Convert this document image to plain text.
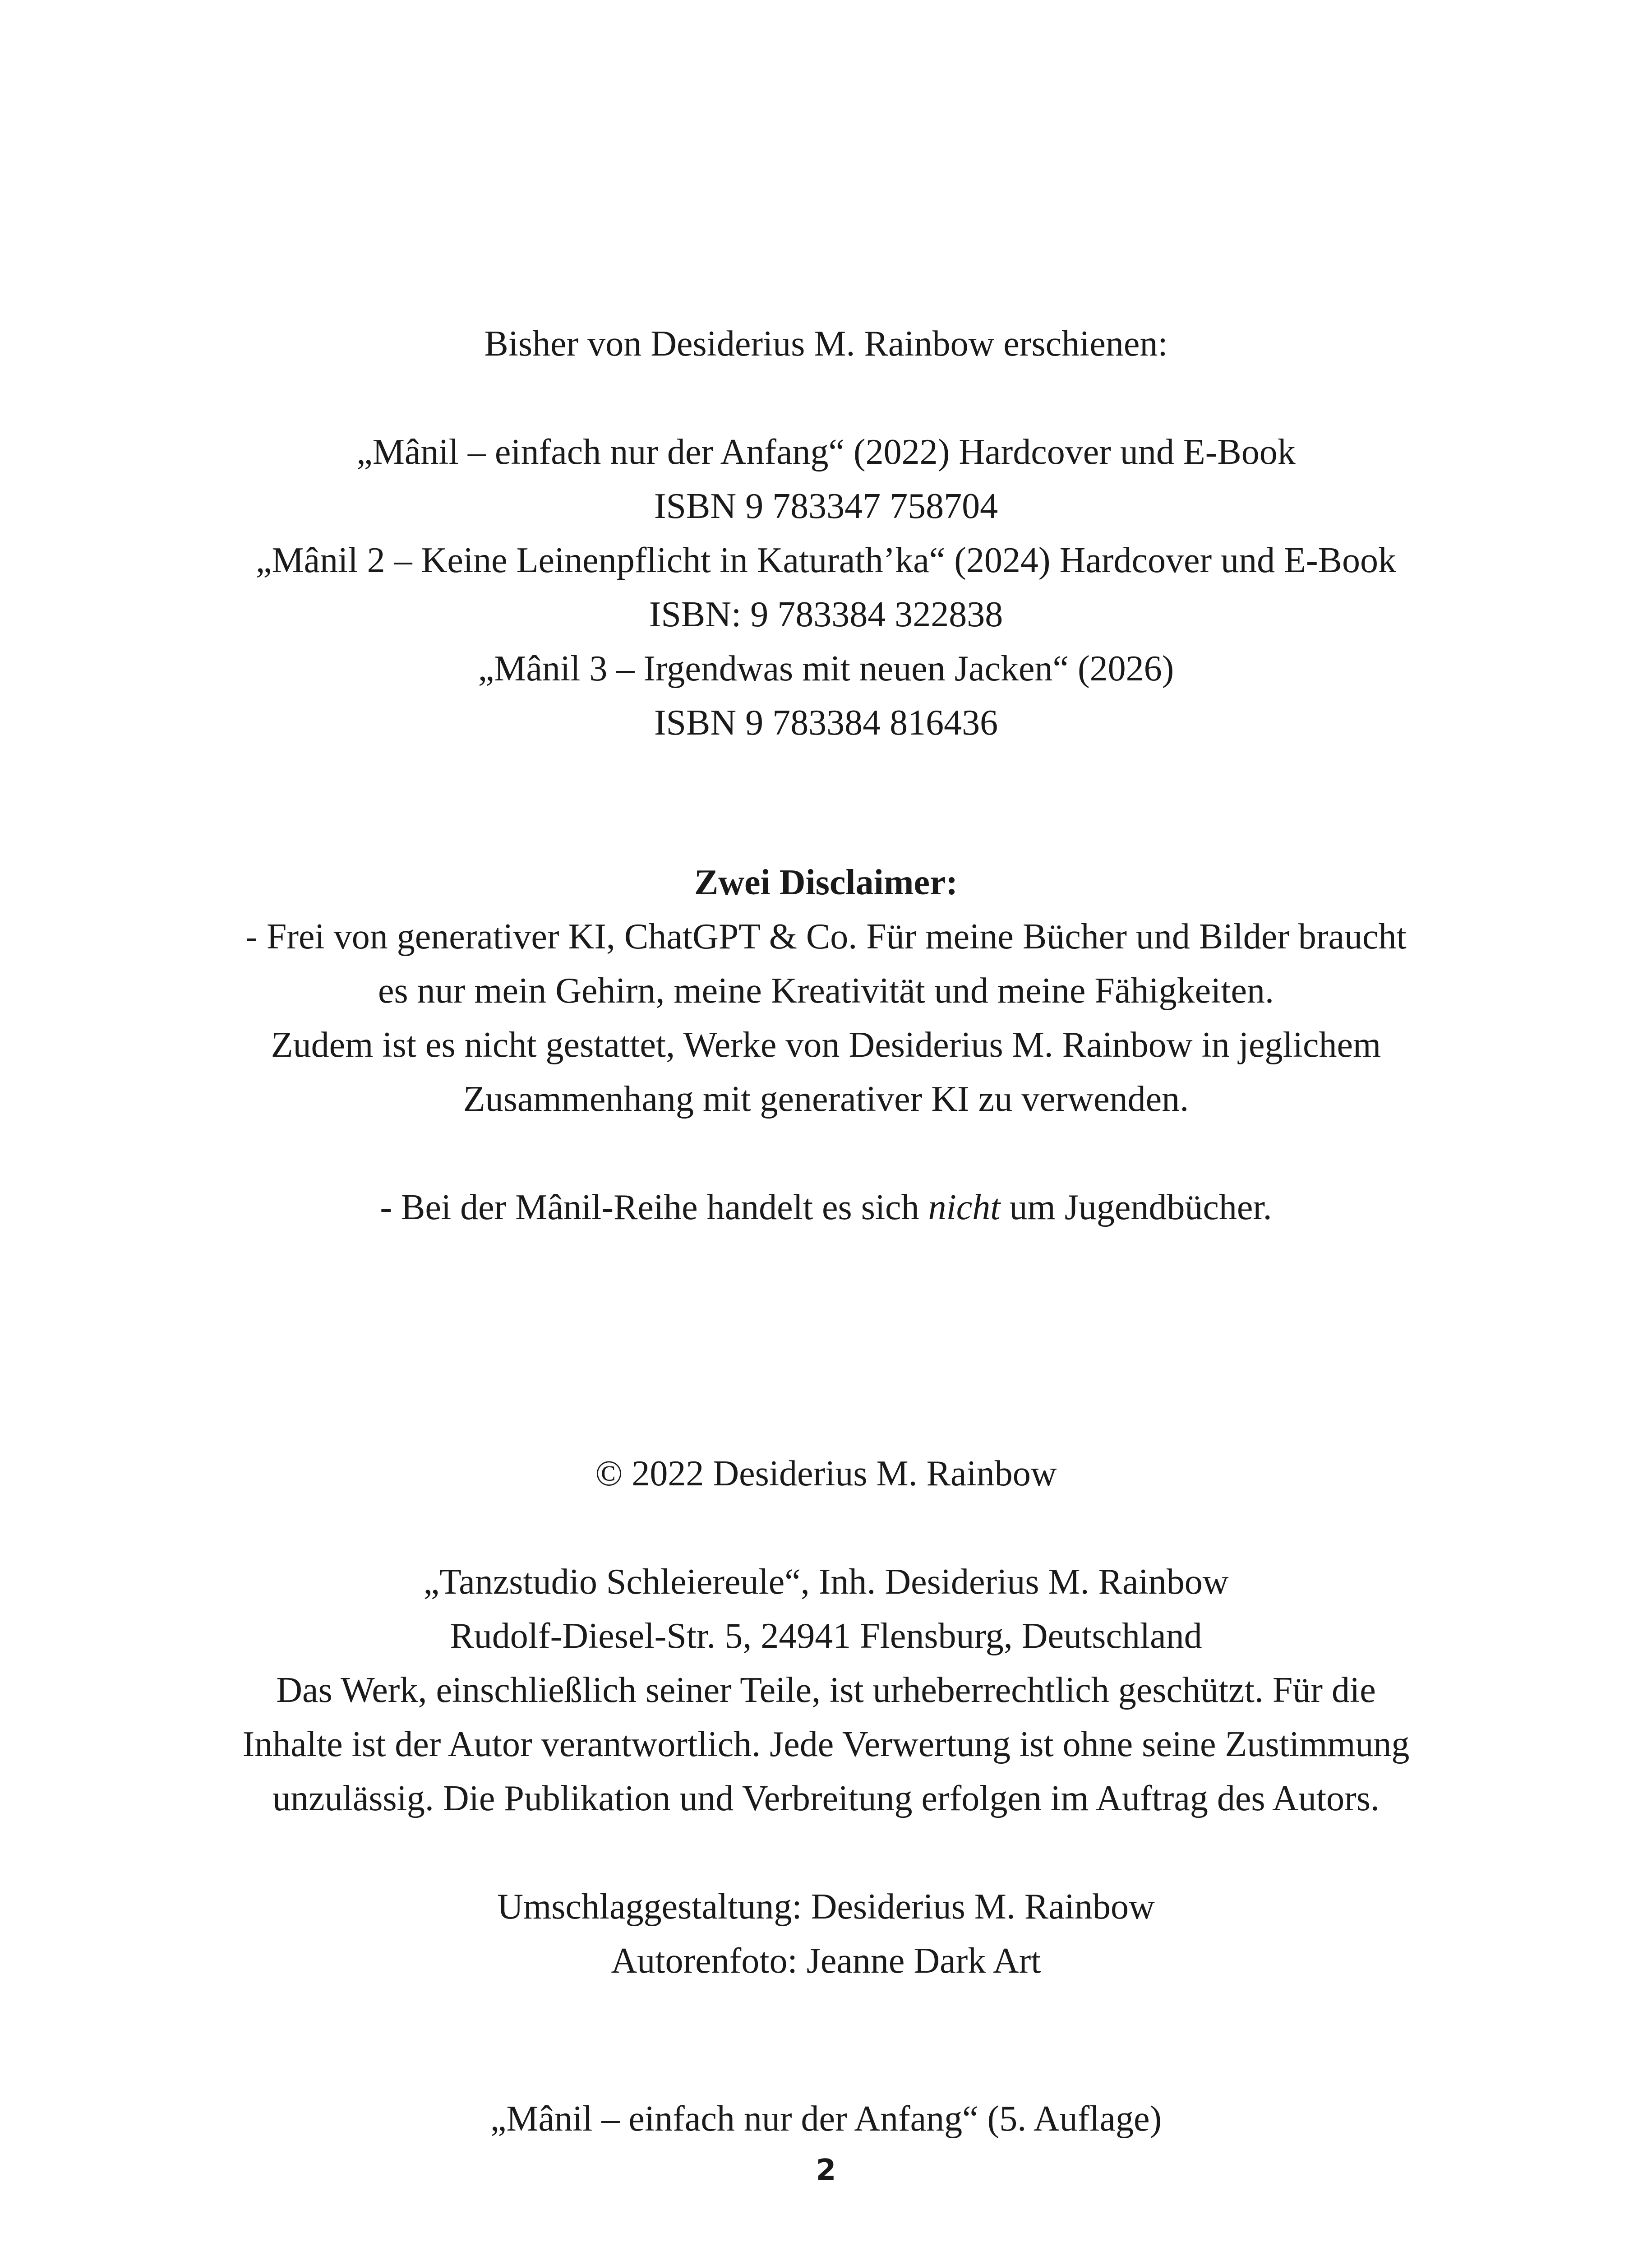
Bisher von Desiderius M. Rainbow erschienen:
„Mânil – einfach nur der Anfang“ (2022) Hardcover und E-Book
ISBN 9 783347 758704
„Mânil 2 – Keine Leinenpflicht in Katurath’ka“ (2024) Hardcover und E-Book
ISBN: 9 783384 322838
„Mânil 3 – Irgendwas mit neuen Jacken“ (2026)
ISBN 9 783384 816436
Zwei Disclaimer:
- Frei von generativer KI, ChatGPT & Co. Für meine Bücher und Bilder braucht
es nur mein Gehirn, meine Kreativität und meine Fähigkeiten.
Zudem ist es nicht gestattet, Werke von Desiderius M. Rainbow in jeglichem
Zusammenhang mit generativer KI zu verwenden.
- Bei der Mânil-Reihe handelt es sich nicht um Jugendbücher.
© 2022 Desiderius M. Rainbow
„Tanzstudio Schleiereule“, Inh. Desiderius M. Rainbow
Rudolf-Diesel-Str. 5, 24941 Flensburg, Deutschland
Das Werk, einschließlich seiner Teile, ist urheberrechtlich geschützt. Für die
Inhalte ist der Autor verantwortlich. Jede Verwertung ist ohne seine Zustimmung
unzulässig. Die Publikation und Verbreitung erfolgen im Auftrag des Autors.
Umschlaggestaltung: Desiderius M. Rainbow
Autorenfoto: Jeanne Dark Art
„Mânil – einfach nur der Anfang“ (5. Auflage)
2
